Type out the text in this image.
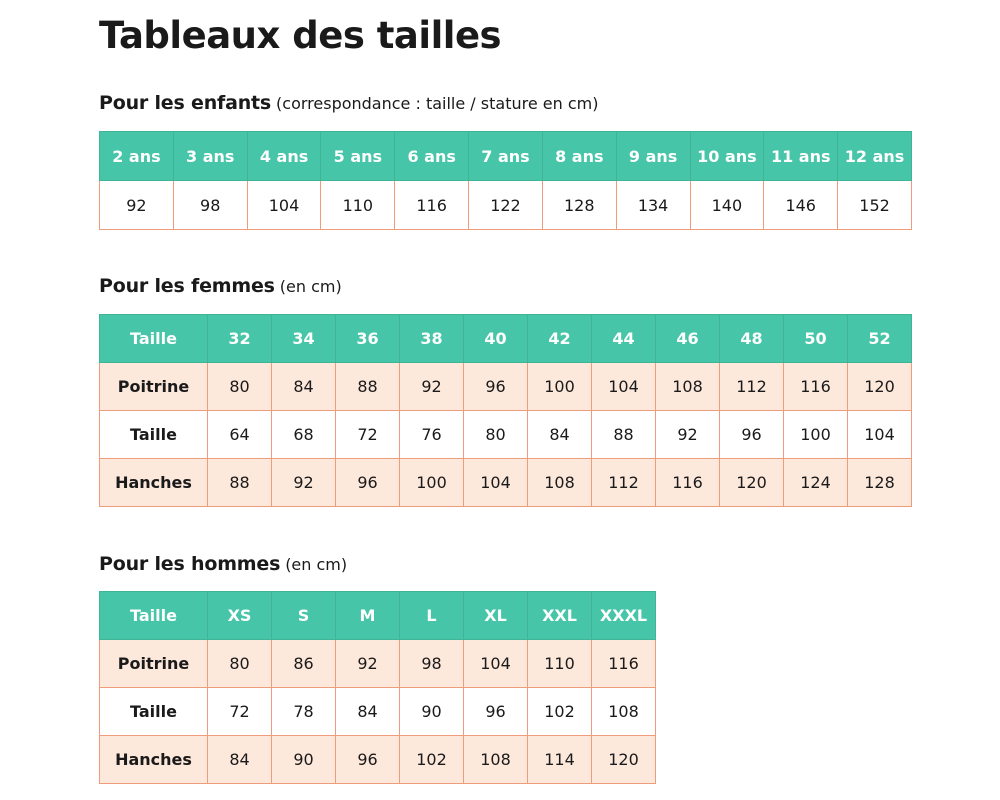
Tableaux des tailles
Pour les enfants (correspondance : taille / stature en cm)
2 ans	3 ans	4 ans	5 ans	6 ans	7 ans	8 ans	9 ans	10 ans	11 ans	12 ans
92	98	104	110	116	122	128	134	140	146	152
Pour les femmes (en cm)
Taille	32	34	36	38	40	42	44	46	48	50	52
Poitrine	80	84	88	92	96	100	104	108	112	116	120
Taille	64	68	72	76	80	84	88	92	96	100	104
Hanches	88	92	96	100	104	108	112	116	120	124	128
Pour les hommes (en cm)
Taille	XS	S	M	L	XL	XXL	XXXL
Poitrine	80	86	92	98	104	110	116
Taille	72	78	84	90	96	102	108
Hanches	84	90	96	102	108	114	120
